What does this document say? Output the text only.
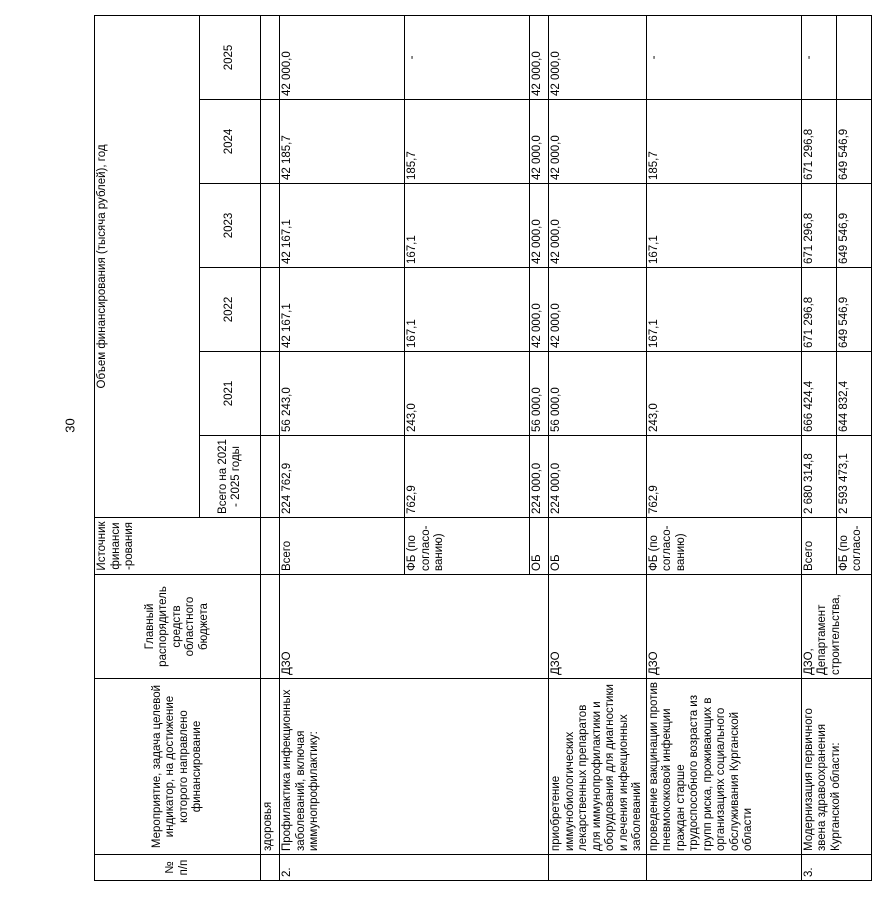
30
№ п/п	Мероприятие, задача целевой индикатор, на достижение которого направлено финансирование	Главный распорядитель средств областного бюджета	Источник финанси-рования	Объем финансирования (тысяча рублей), год					
				Всего на 2021 - 2025 годы	2021	2022	2023	2024	2025
	здоровья								
2.	Профилактика инфекционных заболеваний, включая иммунопрофилактику:	ДЗО	Всего	224 762,9	56 243,0	42 167,1	42 167,1	42 185,7	42 000,0
			ФБ (по согласо-ванию)	762,9	243,0	167,1	167,1	185,7	-
			ОБ	224 000,0	56 000,0	42 000,0	42 000,0	42 000,0	42 000,0
	приобретение иммунобиологических лекарственных препаратов для иммунопрофилактики и оборудования для диагностики и лечения инфекционных заболеваний	ДЗО	ОБ	224 000,0	56 000,0	42 000,0	42 000,0	42 000,0	42 000,0
	проведение вакцинации против пневмококковой инфекции граждан старше трудоспособного возраста из групп риска, проживающих в организациях социального обслуживания Курганской области	ДЗО	ФБ (по согласо-ванию)	762,9	243,0	167,1	167,1	185,7	-
3.	Модернизация первичного звена здравоохранения Курганской области:	ДЗО, Департамент строительства,	Всего	2 680 314,8	666 424,4	671 296,8	671 296,8	671 296,8	-
			ФБ (по согласо-	2 593 473,1	644 832,4	649 546,9	649 546,9	649 546,9	
